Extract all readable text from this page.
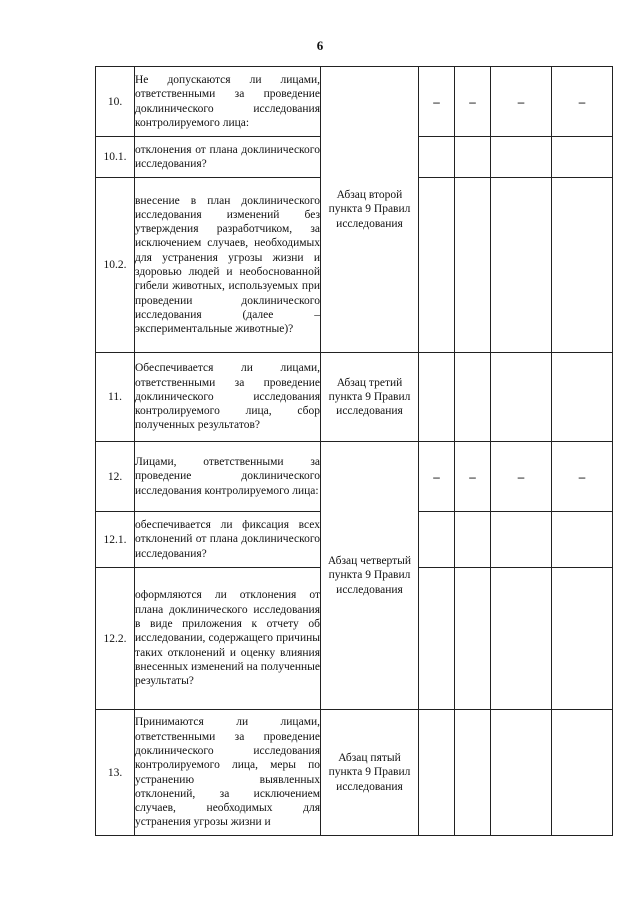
6
10.	Не допускаются ли лицами, ответственными за проведение доклинического исследования контролируемого лица:	Абзац второй пункта 9 Правил исследования	–	–	–	–
10.1.	отклонения от плана доклинического исследования?					
10.2.	внесение в план доклинического исследования изменений без утверждения разработчиком, за исключением случаев, необходимых для устранения угрозы жизни и здоровью людей и необоснованной гибели животных, используемых при проведении доклинического исследования (далее – экспериментальные животные)?					
11.	Обеспечивается ли лицами, ответственными за проведение доклинического исследования контролируемого лица, сбор полученных результатов?	Абзац третий пункта 9 Правил исследования				
12.	Лицами, ответственными за проведение доклинического исследования контролируемого лица:	Абзац четвертый пункта 9 Правил исследования	–	–	–	–
12.1.	обеспечивается ли фиксация всех отклонений от плана доклинического исследования?					
12.2.	оформляются ли отклонения от плана доклинического исследования в виде приложения к отчету об исследовании, содержащего причины таких отклонений и оценку влияния внесенных изменений на полученные результаты?					
13.	Принимаются ли лицами, ответственными за проведение доклинического исследования контролируемого лица, меры по устранению выявленных отклонений, за исключением случаев, необходимых для устранения угрозы жизни и	Абзац пятый пункта 9 Правил исследования				
